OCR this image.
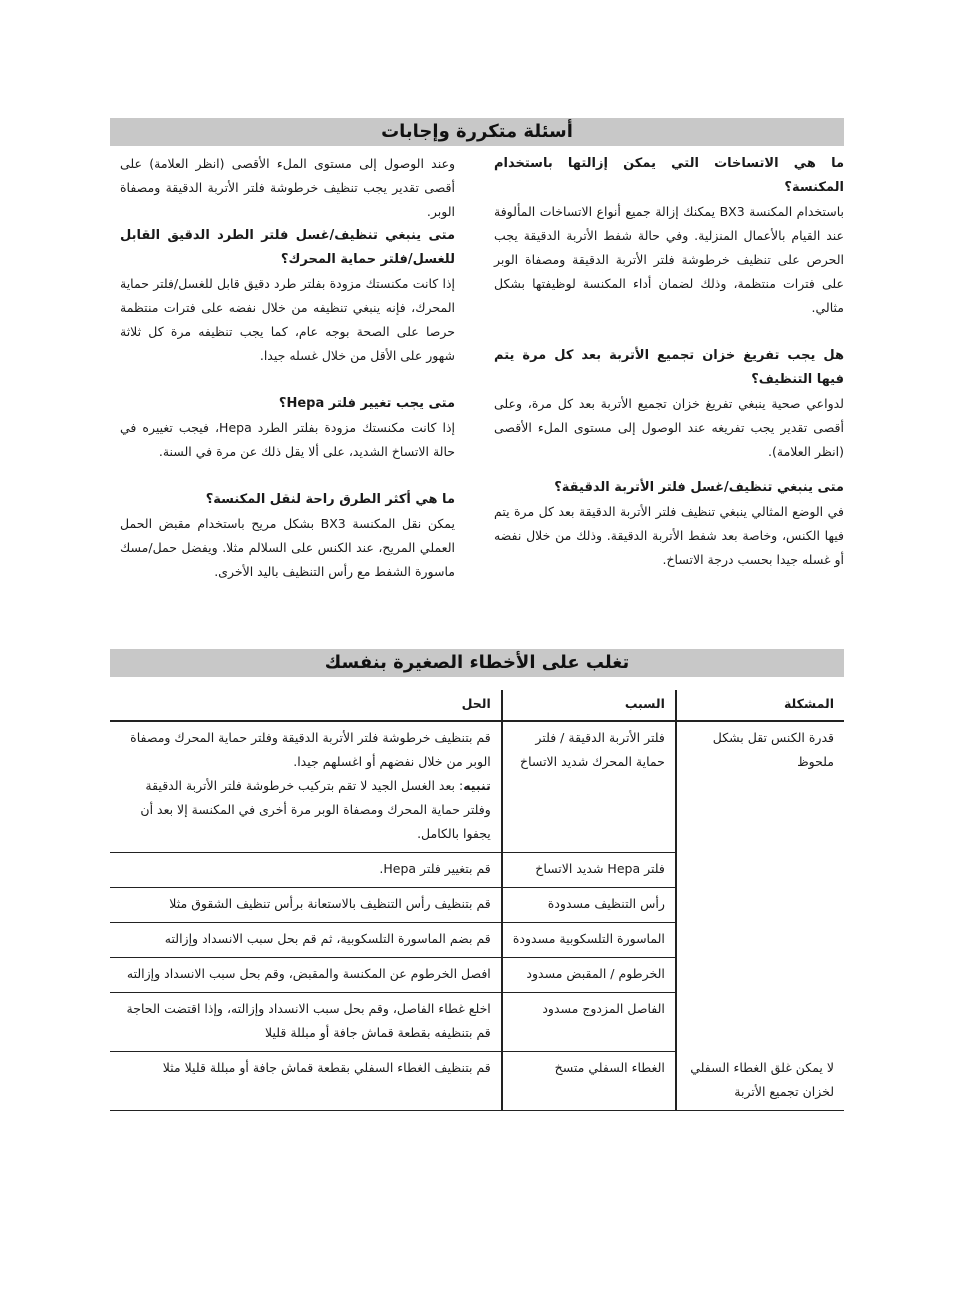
أسئلة متكررة وإجابات

ما هي الاتساخات التي يمكن إزالتها باستخدام المكنسة؟

باستخدام المكنسة BX3 يمكنك إزالة جميع أنواع الاتساخات المألوفة عند القيام بالأعمال المنزلية. وفي حالة شفط الأتربة الدقيقة يجب الحرص على تنظيف خرطوشة فلتر الأتربة الدقيقة ومصفاة الوبر على فترات منتظمة، وذلك لضمان أداء المكنسة لوظيفتها بشكل مثالي.

هل يجب تفريغ خزان تجميع الأتربة بعد كل مرة يتم فيها التنظيف؟

لدواعي صحية ينبغي تفريغ خزان تجميع الأتربة بعد كل مرة، وعلى أقصى تقدير يجب تفريغه عند الوصول إلى مستوى الملء الأقصى (انظر العلامة).

متى ينبغي تنظيف/غسل فلتر الأتربة الدقيقة؟

في الوضع المثالي ينبغي تنظيف فلتر الأتربة الدقيقة بعد كل مرة يتم فيها الكنس، وخاصة بعد شفط الأتربة الدقيقة. وذلك من خلال نفضه أو غسله جيدا بحسب درجة الاتساخ.

وعند الوصول إلى مستوى الملء الأقصى (انظر العلامة) على أقصى تقدير يجب تنظيف خرطوشة فلتر الأتربة الدقيقة ومصفاة الوبر.

متى ينبغي تنظيف/غسل فلتر الطرد الدقيق القابل للغسل/فلتر حماية المحرك؟

إذا كانت مكنستك مزودة بفلتر طرد دقيق قابل للغسل/فلتر حماية المحرك، فإنه ينبغي تنظيفه من خلال نفضه على فترات منتظمة حرصا على الصحة بوجه عام، كما يجب تنظيفه مرة كل ثلاثة شهور على الأقل من خلال غسله جيدا.

متى يجب تغيير فلتر Hepa؟

إذا كانت مكنستك مزودة بفلتر الطرد Hepa، فيجب تغييره في حالة الاتساخ الشديد، على ألا يقل ذلك عن مرة في السنة.

ما هي أكثر الطرق راحة لنقل المكنسة؟

يمكن نقل المكنسة BX3 بشكل مريح باستخدام مقبض الحمل العملي المريح، عند الكنس على السلالم مثلا. ويفضل حمل/مسك ماسورة الشفط مع رأس التنظيف باليد الأخرى.

تغلب على الأخطاء الصغيرة بنفسك
المشكلة	السبب	الحل
قدرة الكنس تقل بشكل ملحوظ	فلتر الأتربة الدقيقة / فلتر حماية المحرك شديد الاتساخ	قم بتنظيف خرطوشة فلتر الأتربة الدقيقة وفلتر حماية المحرك ومصفاة الوبر من خلال نفضهم أو اغسلهم جيدا.
تنبيه: بعد الغسل الجيد لا تقم بتركيب خرطوشة فلتر الأتربة الدقيقة وفلتر حماية المحرك ومصفاة الوبر مرة أخرى في المكنسة إلا بعد أن يجفوا بالكامل.
	فلتر Hepa شديد الاتساخ	قم بتغيير فلتر Hepa.
	رأس التنظيف مسدودة	قم بتنظيف رأس التنظيف بالاستعانة برأس تنظيف الشقوق مثلا
	الماسورة التلسكوبية مسدودة	قم بضم الماسورة التلسكوبية، ثم قم بحل سبب الانسداد وإزالته
	الخرطوم / المقبض مسدود	افصل الخرطوم عن المكنسة والمقبض، وقم بحل سبب الانسداد وإزالته
	الفاصل المزدوج مسدود	اخلع غطاء الفاصل، وقم بحل سبب الانسداد وإزالته، وإذا اقتضت الحاجة قم بتنظيفه بقطعة قماش جافة أو مبللة قليلا
لا يمكن غلق الغطاء السفلي لخزان تجميع الأتربة	الغطاء السفلي متسخ	قم بتنظيف الغطاء السفلي بقطعة قماش جافة أو مبللة قليلا مثلا
